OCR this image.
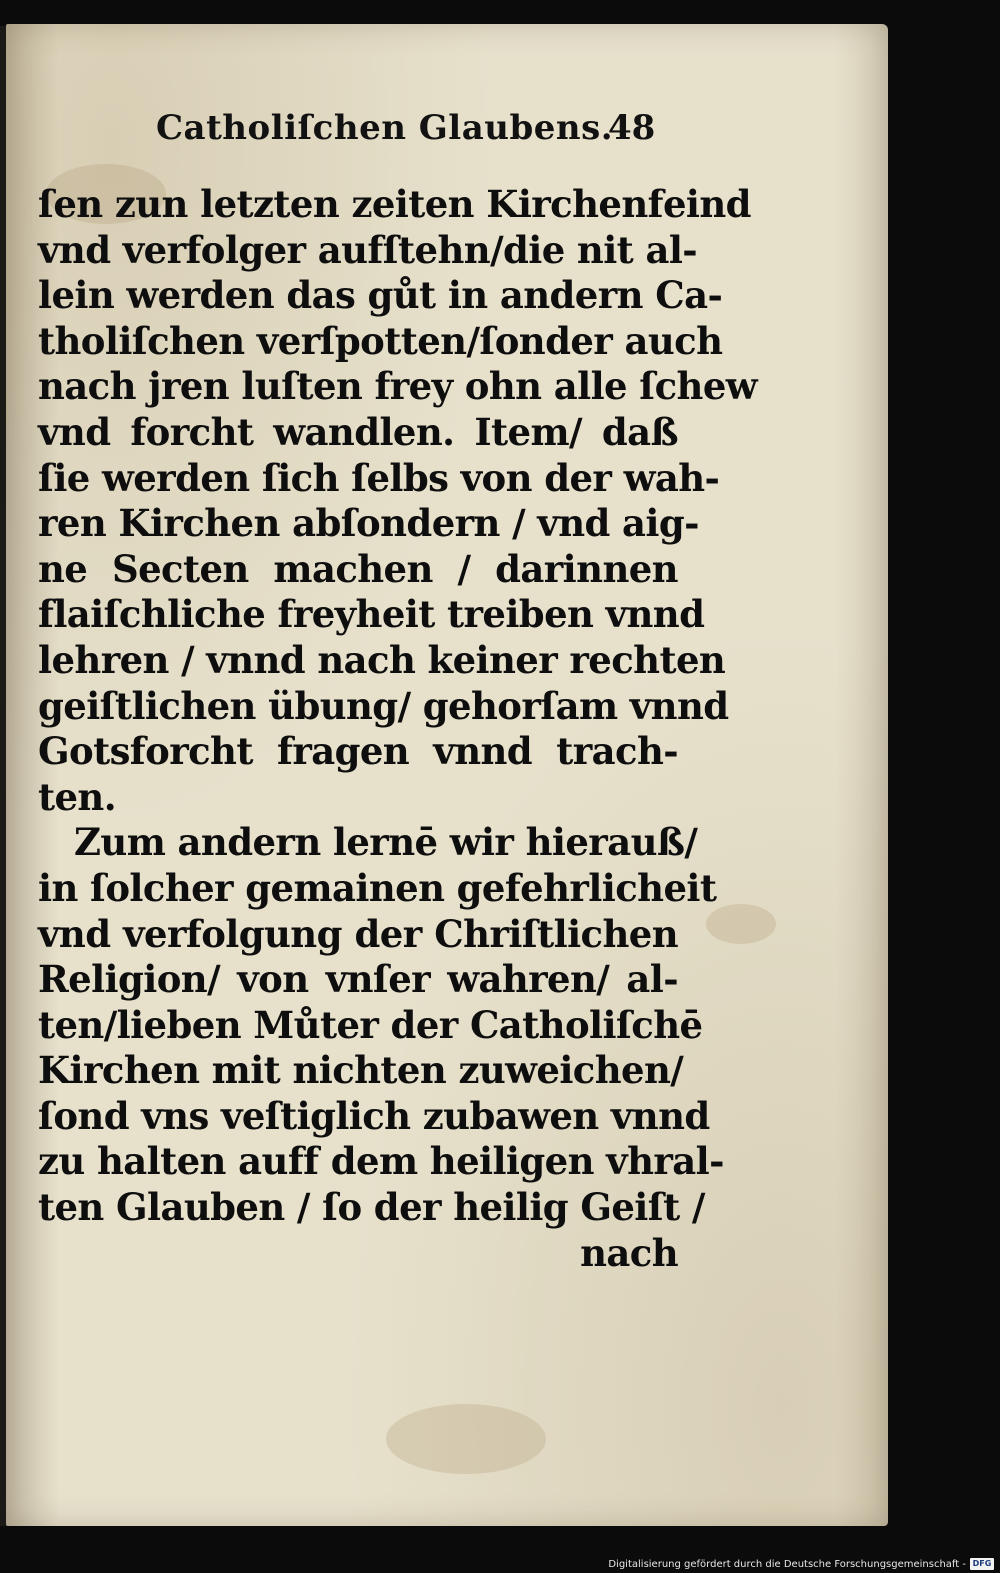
Catholiſchen Glaubens.
48
ſen zun letzten zeiten Kirchenfeind
vnd verfolger aufſtehn/die nit al-
lein werden das gůt in andern Ca-
tholiſchen verſpotten/ſonder auch
nach jren luſten frey ohn alle ſchew
vnd forcht wandlen. Item/ daß
ſie werden ſich ſelbs von der wah-
ren Kirchen abſondern / vnd aig-
ne Secten machen / darinnen
flaiſchliche freyheit treiben vnnd
lehren / vnnd nach keiner rechten
geiſtlichen übung/ gehorſam vnnd
Gotsforcht fragen vnnd trach-
ten.
Zum andern lernē wir hierauß/
in ſolcher gemainen gefehrlicheit
vnd verfolgung der Chriſtlichen
Religion/ von vnſer wahren/ al-
ten/lieben Můter der Catholiſchē
Kirchen mit nichten zuweichen/
ſond vns veſtiglich zubawen vnnd
zu halten auff dem heiligen vhral-
ten Glauben / ſo der heilig Geiſt /
nach
Digitalisierung gefördert durch die Deutsche Forschungsgemeinschaft - DFG
